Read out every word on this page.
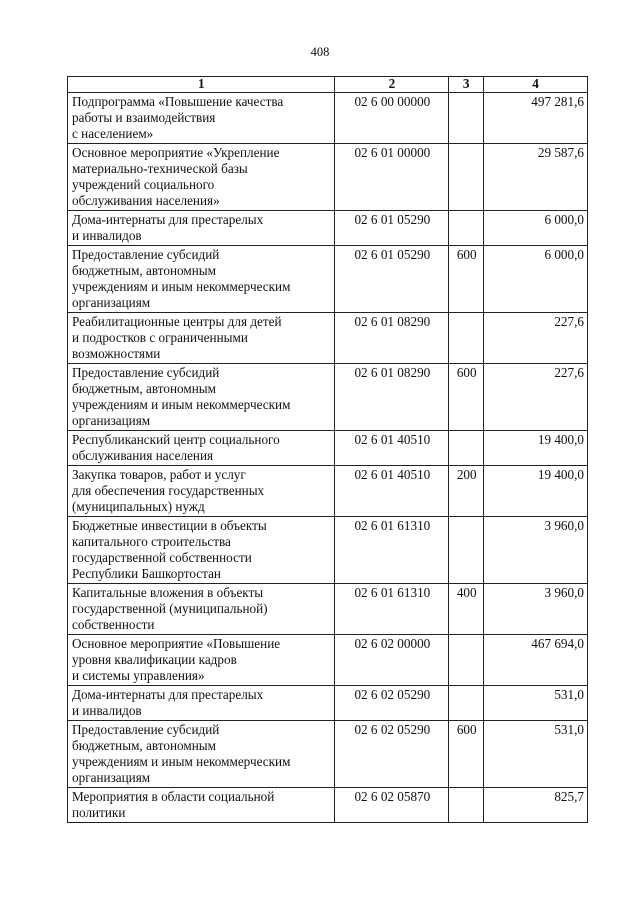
408
1	2	3	4
Подпрограмма «Повышение качества
работы и взаимодействия
с населением»	02 6 00 00000		497 281,6
Основное мероприятие «Укрепление
материально-технической базы
учреждений социального
обслуживания населения»	02 6 01 00000		29 587,6
Дома-интернаты для престарелых
и инвалидов	02 6 01 05290		6 000,0
Предоставление субсидий
бюджетным, автономным
учреждениям и иным некоммерческим
организациям	02 6 01 05290	600	6 000,0
Реабилитационные центры для детей
и подростков с ограниченными
возможностями	02 6 01 08290		227,6
Предоставление субсидий
бюджетным, автономным
учреждениям и иным некоммерческим
организациям	02 6 01 08290	600	227,6
Республиканский центр социального
обслуживания населения	02 6 01 40510		19 400,0
Закупка товаров, работ и услуг
для обеспечения государственных
(муниципальных) нужд	02 6 01 40510	200	19 400,0
Бюджетные инвестиции в объекты
капитального строительства
государственной собственности
Республики Башкортостан	02 6 01 61310		3 960,0
Капитальные вложения в объекты
государственной (муниципальной)
собственности	02 6 01 61310	400	3 960,0
Основное мероприятие «Повышение
уровня квалификации кадров
и системы управления»	02 6 02 00000		467 694,0
Дома-интернаты для престарелых
и инвалидов	02 6 02 05290		531,0
Предоставление субсидий
бюджетным, автономным
учреждениям и иным некоммерческим
организациям	02 6 02 05290	600	531,0
Мероприятия в области социальной
политики	02 6 02 05870		825,7
